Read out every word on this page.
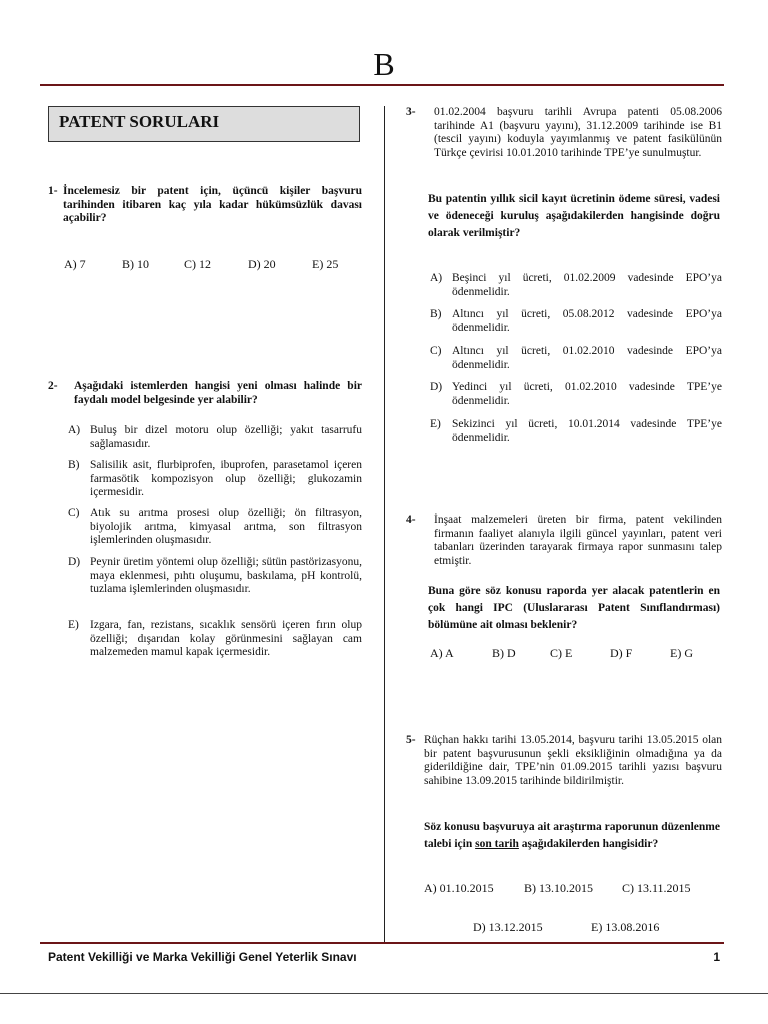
B
PATENT SORULARI
1- İncelemesiz bir patent için, üçüncü kişiler başvuru tarihinden itibaren kaç yıla kadar hükümsüzlük davası açabilir?
A) 7	B) 10	C) 12	D) 20	E) 25
2- Aşağıdaki istemlerden hangisi yeni olması halinde bir faydalı model belgesinde yer alabilir?
A) Buluş bir dizel motoru olup özelliği; yakıt tasarrufu sağlamasıdır.
B) Salisilik asit, flurbiprofen, ibuprofen, parasetamol içeren farmasötik kompozisyon olup özelliği; glukozamin içermesidir.
C) Atık su arıtma prosesi olup özelliği; ön filtrasyon, biyolojik arıtma, kimyasal arıtma, son filtrasyon işlemlerinden oluşmasıdır.
D) Peynir üretim yöntemi olup özelliği; sütün pastörizasyonu, maya eklenmesi, pıhtı oluşumu, baskılama, pH kontrolü, tuzlama işlemlerinden oluşmasıdır.
E) Izgara, fan, rezistans, sıcaklık sensörü içeren fırın olup özelliği; dışarıdan kolay görünmesini sağlayan cam malzemeden mamul kapak içermesidir.
3- 01.02.2004 başvuru tarihli Avrupa patenti 05.08.2006 tarihinde A1 (başvuru yayını), 31.12.2009 tarihinde ise B1 (tescil yayını) koduyla yayımlanmış ve patent fasikülünün Türkçe çevirisi 10.01.2010 tarihinde TPE’ye sunulmuştur.
Bu patentin yıllık sicil kayıt ücretinin ödeme süresi, vadesi ve ödeneceği kuruluş aşağıdakilerden hangisinde doğru olarak verilmiştir?
A) Beşinci yıl ücreti, 01.02.2009 vadesinde EPO’ya ödenmelidir.
B) Altıncı yıl ücreti, 05.08.2012 vadesinde EPO’ya ödenmelidir.
C) Altıncı yıl ücreti, 01.02.2010 vadesinde EPO’ya ödenmelidir.
D) Yedinci yıl ücreti, 01.02.2010 vadesinde TPE’ye ödenmelidir.
E) Sekizinci yıl ücreti, 10.01.2014 vadesinde TPE’ye ödenmelidir.
4- İnşaat malzemeleri üreten bir firma, patent vekilinden firmanın faaliyet alanıyla ilgili güncel yayınları, patent veri tabanları üzerinden tarayarak firmaya rapor sunmasını talep etmiştir.
Buna göre söz konusu raporda yer alacak patentlerin en çok hangi IPC (Uluslararası Patent Sınıflandırması) bölümüne ait olması beklenir?
A) A	B) D	C) E	D) F	E) G
5- Rüçhan hakkı tarihi 13.05.2014, başvuru tarihi 13.05.2015 olan bir patent başvurusunun şekli eksikliğinin olmadığına ya da giderildiğine dair, TPE’nin 01.09.2015 tarihli yazısı başvuru sahibine 13.09.2015 tarihinde bildirilmiştir.
Söz konusu başvuruya ait araştırma raporunun düzenlenme talebi için son tarih aşağıdakilerden hangisidir?
A) 01.10.2015	B) 13.10.2015 C) 13.11.2015
D) 13.12.2015	E) 13.08.2016
Patent Vekilliği ve Marka Vekilliği Genel Yeterlik Sınavı	1
